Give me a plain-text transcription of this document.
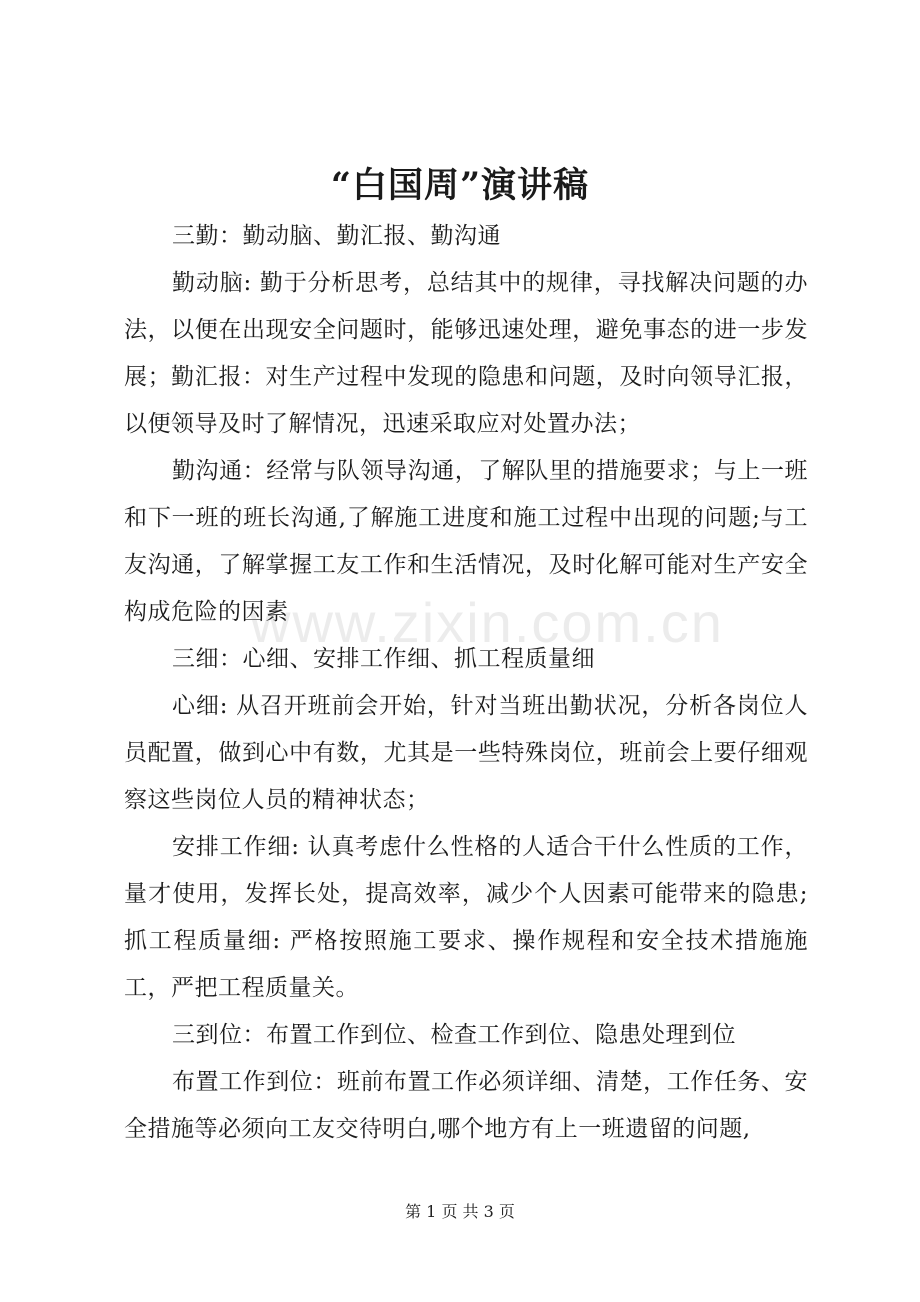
“白国周”演讲稿

三勤：勤动脑、勤汇报、勤沟通

勤动脑: 勤于分析思考，总结其中的规律，寻找解决问题的办法，以便在出现安全问题时，能够迅速处理，避免事态的进一步发展；勤汇报：对生产过程中发现的隐患和问题，及时向领导汇报，以便领导及时了解情况，迅速采取应对处置办法；

勤沟通：经常与队领导沟通，了解队里的措施要求；与上一班和下一班的班长沟通,了解施工进度和施工过程中出现的问题;与工友沟通，了解掌握工友工作和生活情况，及时化解可能对生产安全构成危险的因素

三细：心细、安排工作细、抓工程质量细

心细: 从召开班前会开始，针对当班出勤状况，分析各岗位人员配置，做到心中有数，尤其是一些特殊岗位，班前会上要仔细观察这些岗位人员的精神状态；

安排工作细: 认真考虑什么性格的人适合干什么性质的工作，量才使用，发挥长处，提高效率，减少个人因素可能带来的隐患;抓工程质量细: 严格按照施工要求、操作规程和安全技术措施施工，严把工程质量关。

三到位：布置工作到位、检查工作到位、隐患处理到位

布置工作到位：班前布置工作必须详细、清楚，工作任务、安全措施等必须向工友交待明白,哪个地方有上一班遗留的问题,

www.zixin.com.cn
第 1 页 共 3 页
